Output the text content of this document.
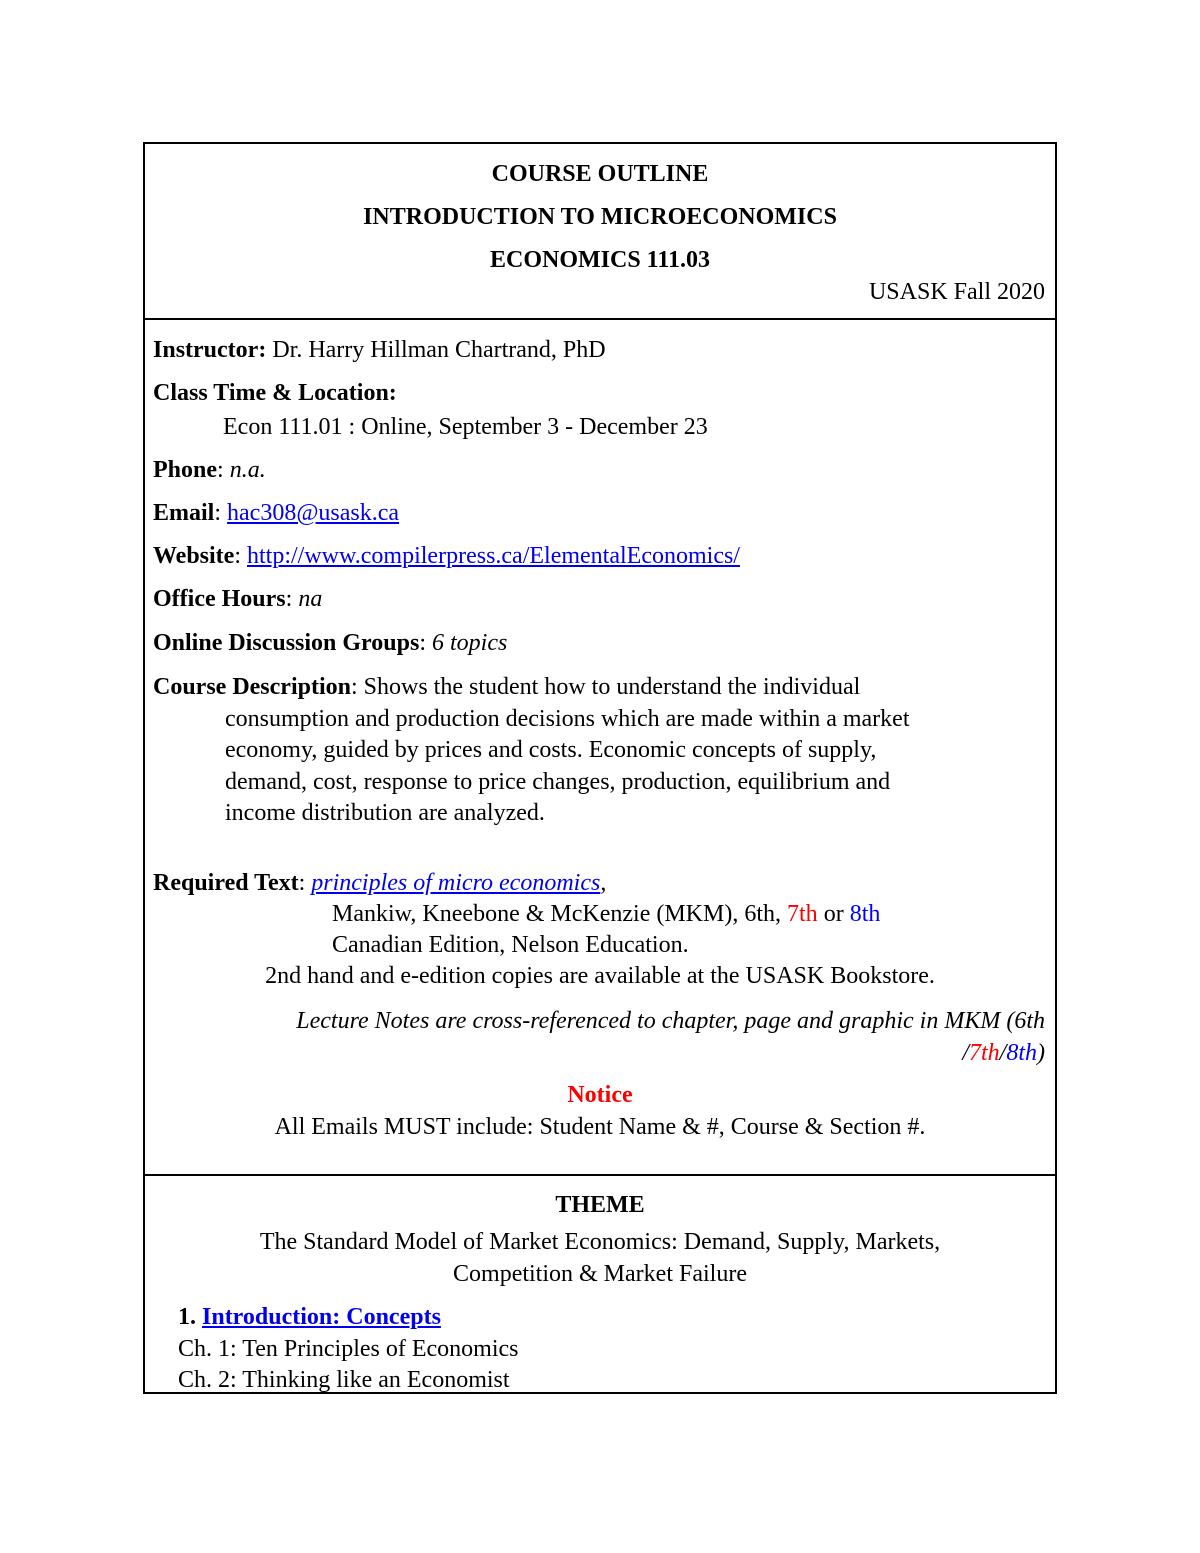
COURSE OUTLINE
INTRODUCTION TO MICROECONOMICS
ECONOMICS 111.03
USASK Fall 2020
Instructor: Dr. Harry Hillman Chartrand, PhD
Class Time & Location:
Econ 111.01 : Online, September 3 - December 23
Phone: n.a.
Email: hac308@usask.ca
Website: http://www.compilerpress.ca/ElementalEconomics/
Office Hours: na
Online Discussion Groups: 6 topics
Course Description: Shows the student how to understand the individual
consumption and production decisions which are made within a market
economy, guided by prices and costs. Economic concepts of supply,
demand, cost, response to price changes, production, equilibrium and
income distribution are analyzed.
Required Text: principles of micro economics,
Mankiw, Kneebone & McKenzie (MKM), 6th, 7th or 8th
Canadian Edition, Nelson Education.
2nd hand and e-edition copies are available at the USASK Bookstore.
Lecture Notes are cross-referenced to chapter, page and graphic in MKM (6th
/7th/8th)
Notice
All Emails MUST include: Student Name & #, Course & Section #.
THEME
The Standard Model of Market Economics: Demand, Supply, Markets,
Competition & Market Failure
1. Introduction: Concepts
Ch. 1: Ten Principles of Economics
Ch. 2: Thinking like an Economist
